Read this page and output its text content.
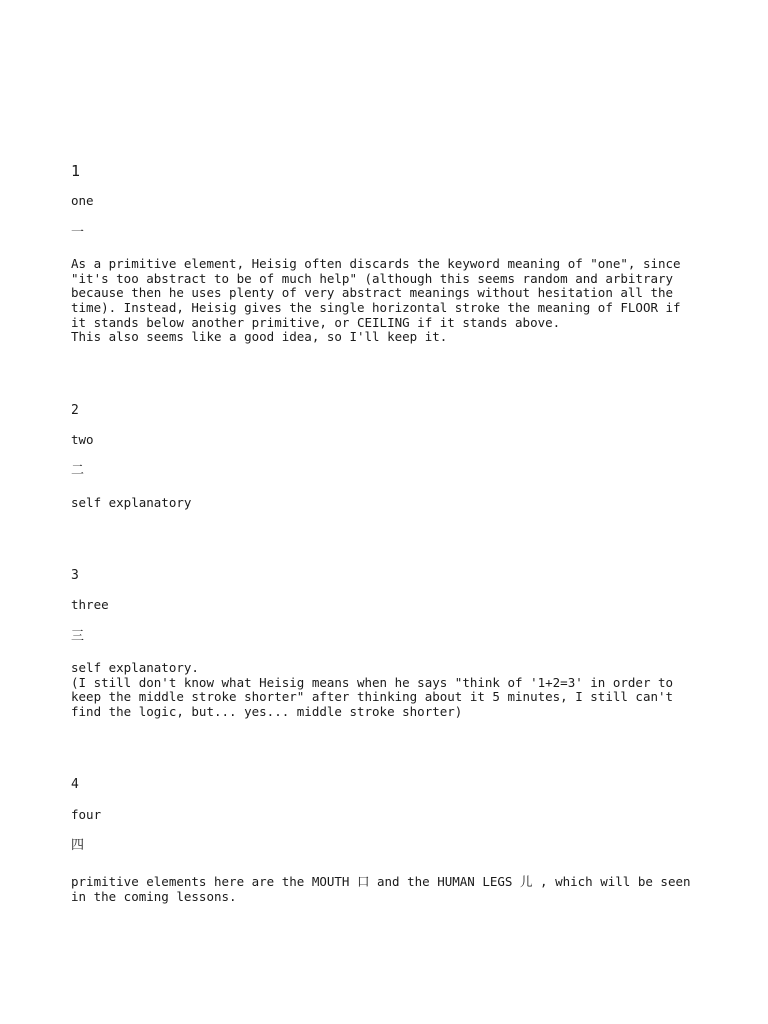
1
one
一
As a primitive element, Heisig often discards the keyword meaning of "one", since
"it's too abstract to be of much help" (although this seems random and arbitrary
because then he uses plenty of very abstract meanings without hesitation all the
time). Instead, Heisig gives the single horizontal stroke the meaning of FLOOR if
it stands below another primitive, or CEILING if it stands above.
This also seems like a good idea, so I'll keep it.
2
two
二
self explanatory
3
three
三
self explanatory.
(I still don't know what Heisig means when he says "think of '1+2=3' in order to
keep the middle stroke shorter" after thinking about it 5 minutes, I still can't
find the logic, but... yes... middle stroke shorter)
4
four
四
primitive elements here are the MOUTH 口 and the HUMAN LEGS 儿 , which will be seen
in the coming lessons.
